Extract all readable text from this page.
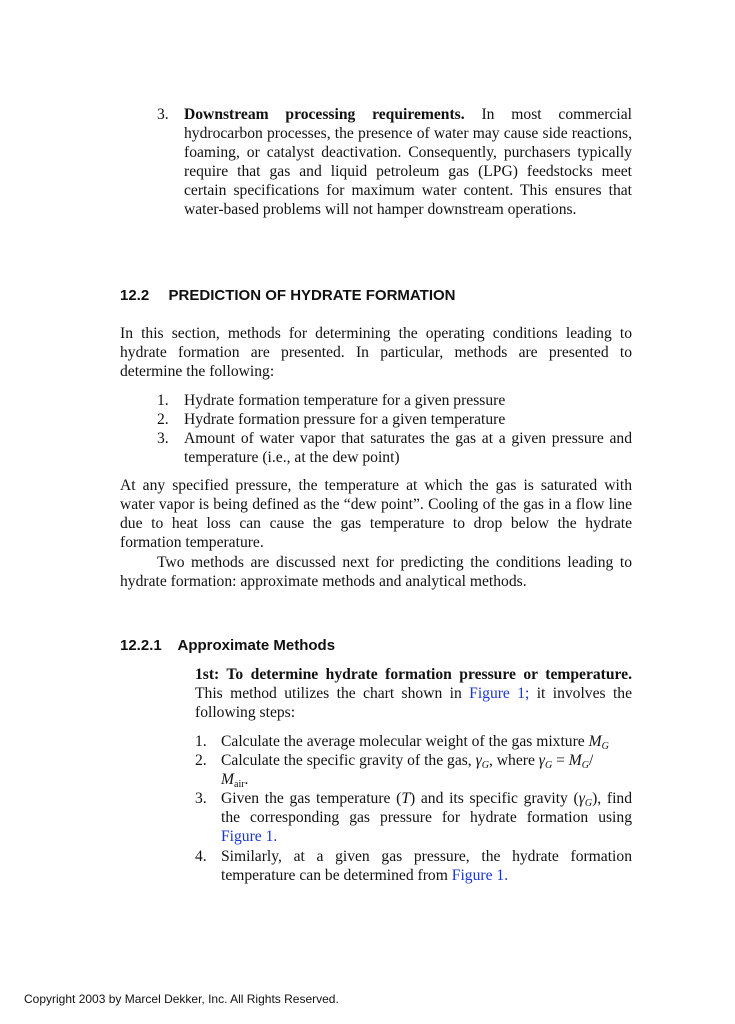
3. Downstream processing requirements. In most commercial hydrocarbon processes, the presence of water may cause side reactions, foaming, or catalyst deactivation. Consequently, purchasers typically require that gas and liquid petroleum gas (LPG) feedstocks meet certain specifications for maximum water content. This ensures that water-based problems will not hamper downstream operations.
12.2 PREDICTION OF HYDRATE FORMATION
In this section, methods for determining the operating conditions leading to hydrate formation are presented. In particular, methods are presented to determine the following:
1. Hydrate formation temperature for a given pressure
2. Hydrate formation pressure for a given temperature
3. Amount of water vapor that saturates the gas at a given pressure and temperature (i.e., at the dew point)
At any specified pressure, the temperature at which the gas is saturated with water vapor is being defined as the “dew point”. Cooling of the gas in a flow line due to heat loss can cause the gas temperature to drop below the hydrate formation temperature.
Two methods are discussed next for predicting the conditions leading to hydrate formation: approximate methods and analytical methods.
12.2.1 Approximate Methods
1st: To determine hydrate formation pressure or temperature. This method utilizes the chart shown in Figure 1; it involves the following steps:
1. Calculate the average molecular weight of the gas mixture $M_G$
2. Calculate the specific gravity of the gas, $\gamma_G$, where $\gamma_G = M_G/$
$M_{air}$.
3. Given the gas temperature (T) and its specific gravity $(\gamma_G)$, find the corresponding gas pressure for hydrate formation using Figure 1.
4. Similarly, at a given gas pressure, the hydrate formation temperature can be determined from Figure 1.
Copyright 2003 by Marcel Dekker, Inc. All Rights Reserved.
